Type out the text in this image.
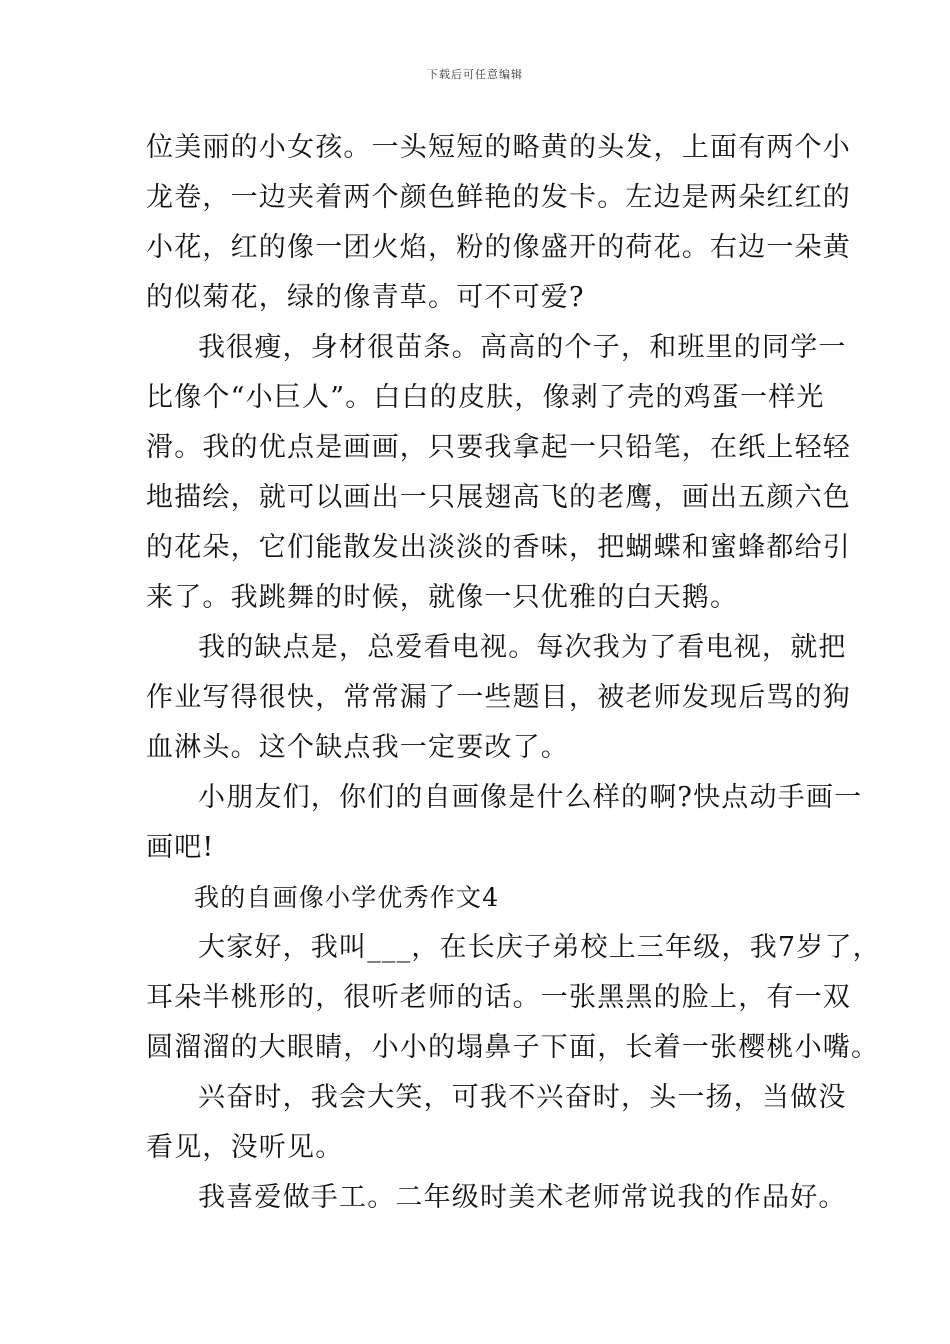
下载后可任意编辑
位美丽的小女孩。一头短短的略黄的头发，上面有两个小
龙卷，一边夹着两个颜色鲜艳的发卡。左边是两朵红红的
小花，红的像一团火焰，粉的像盛开的荷花。右边一朵黄
的似菊花，绿的像青草。可不可爱?
我很瘦，身材很苗条。高高的个子，和班里的同学一
比像个“小巨人”。白白的皮肤，像剥了壳的鸡蛋一样光
滑。我的优点是画画，只要我拿起一只铅笔，在纸上轻轻
地描绘，就可以画出一只展翅高飞的老鹰，画出五颜六色
的花朵，它们能散发出淡淡的香味，把蝴蝶和蜜蜂都给引
来了。我跳舞的时候，就像一只优雅的白天鹅。
我的缺点是，总爱看电视。每次我为了看电视，就把
作业写得很快，常常漏了一些题目，被老师发现后骂的狗
血淋头。这个缺点我一定要改了。
小朋友们，你们的自画像是什么样的啊?快点动手画一
画吧!
我的自画像小学优秀作文4
大家好，我叫___，在长庆子弟校上三年级，我7岁了，
耳朵半桃形的，很听老师的话。一张黑黑的脸上，有一双
圆溜溜的大眼睛，小小的塌鼻子下面，长着一张樱桃小嘴。
兴奋时，我会大笑，可我不兴奋时，头一扬，当做没
看见，没听见。
我喜爱做手工。二年级时美术老师常说我的作品好。
